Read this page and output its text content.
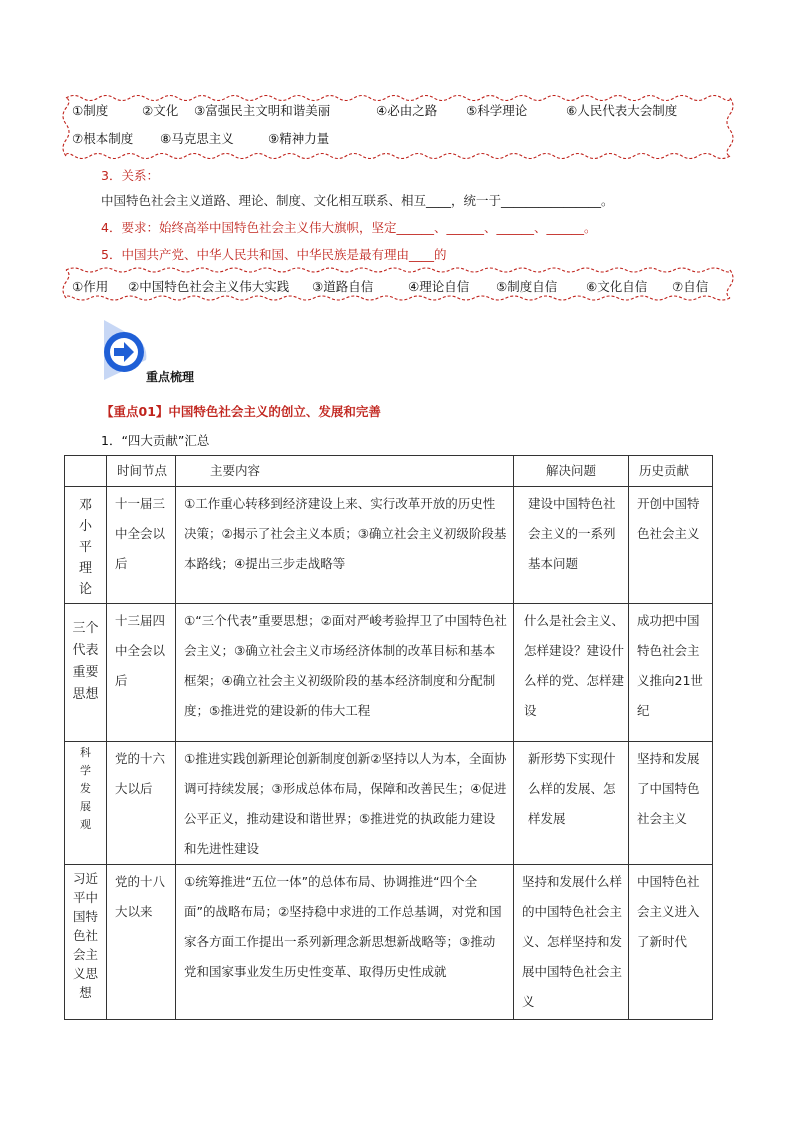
①制度	②文化 ③富强民主文明和谐美丽	④必由之路 ⑤科学理论	⑥人民代表大会制度
⑦根本制度 ⑧马克思主义	⑨精神力量
3．关系：
中国特色社会主义道路、理论、制度、文化相互联系、相互____，统一于________________。
4．要求：始终高举中国特色社会主义伟大旗帜，坚定______、______、______、______。
5．中国共产党、中华人民共和国、中华民族是最有理由____的
①作用 ②中国特色社会主义伟大实践 ③道路自信	④理论自信 ⑤制度自信 ⑥文化自信 ⑦自信
重点梳理
【重点01】中国特色社会主义的创立、发展和完善
1．“四大贡献”汇总
	时间节点	主要内容	解决问题	历史贡献
邓小平理论	十一届三中全会以后	①工作重心转移到经济建设上来、实行改革开放的历史性决策；②揭示了社会主义本质；③确立社会主义初级阶段基本路线；④提出三步走战略等	建设中国特色社会主义的一系列基本问题	开创中国特色社会主义
三个代表重要思想	十三届四中全会以后	①“三个代表”重要思想；②面对严峻考验捍卫了中国特色社会主义；③确立社会主义市场经济体制的改革目标和基本框架；④确立社会主义初级阶段的基本经济制度和分配制度；⑤推进党的建设新的伟大工程	什么是社会主义、怎样建设？建设什么样的党、怎样建设	成功把中国特色社会主义推向21世纪
科学发展观	党的十六大以后	①推进实践创新理论创新制度创新②坚持以人为本，全面协调可持续发展；③形成总体布局，保障和改善民生；④促进公平正义，推动建设和谐世界；⑤推进党的执政能力建设和先进性建设	新形势下实现什么样的发展、怎样发展	坚持和发展了中国特色社会主义
习近平中国特色社会主义思想	党的十八大以来	①统筹推进“五位一体”的总体布局、协调推进“四个全面”的战略布局；②坚持稳中求进的工作总基调，对党和国家各方面工作提出一系列新理念新思想新战略等；③推动党和国家事业发生历史性变革、取得历史性成就	坚持和发展什么样的中国特色社会主义、怎样坚持和发展中国特色社会主义	中国特色社会主义进入了新时代
